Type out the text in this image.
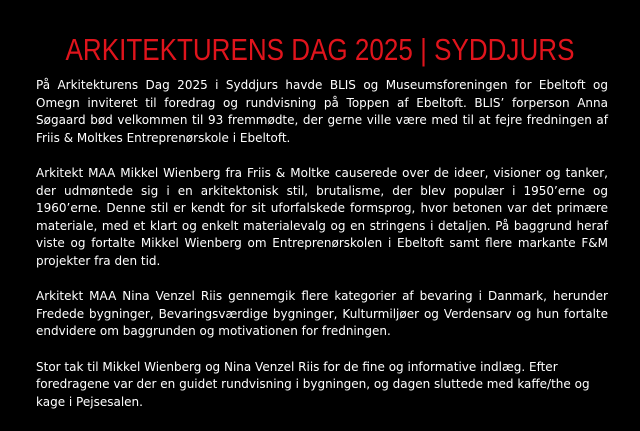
ARKITEKTURENS DAG 2025 | SYDDJURS

På Arkitekturens Dag 2025 i Syddjurs havde BLIS og Museumsforeningen for Ebeltoft og Omegn inviteret til foredrag og rundvisning på Toppen af Ebeltoft. BLIS’ forperson Anna Søgaard bød velkommen til 93 fremmødte, der gerne ville være med til at fejre fredningen af Friis & Moltkes Entreprenørskole i Ebeltoft.

Arkitekt MAA Mikkel Wienberg fra Friis & Moltke causerede over de ideer, visioner og tanker, der udmøntede sig i en arkitektonisk stil, brutalisme, der blev populær i 1950’erne og 1960’erne. Denne stil er kendt for sit uforfalskede formsprog, hvor betonen var det primære materiale, med et klart og enkelt materialevalg og en stringens i detaljen. På baggrund heraf viste og fortalte Mikkel Wienberg om Entreprenørskolen i Ebeltoft samt flere markante F&M projekter fra den tid.

Arkitekt MAA Nina Venzel Riis gennemgik flere kategorier af bevaring i Danmark, herunder Fredede bygninger, Bevaringsværdige bygninger, Kulturmiljøer og Verdensarv og hun fortalte endvidere om baggrunden og motivationen for fredningen.

Stor tak til Mikkel Wienberg og Nina Venzel Riis for de fine og informative indlæg. Efter foredragene var der en guidet rundvisning i bygningen, og dagen sluttede med kaffe/the og kage i Pejsesalen.
